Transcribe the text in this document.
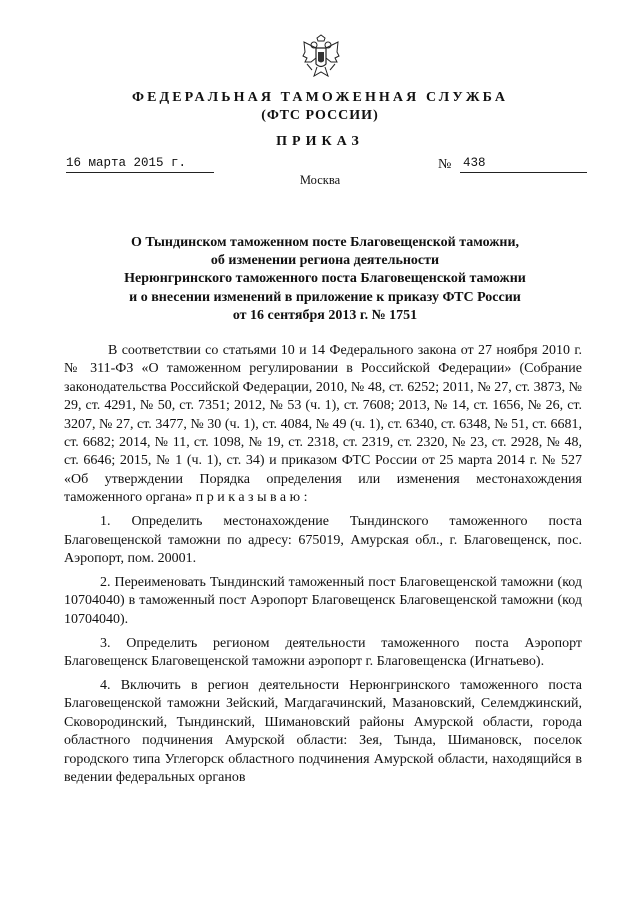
ФЕДЕРАЛЬНАЯ ТАМОЖЕННАЯ СЛУЖБА
(ФТС РОССИИ)
ПРИКАЗ
16 марта 2015 г.	№ 438
Москва
О Тындинском таможенном посте Благовещенской таможни,
об изменении региона деятельности
Нерюнгринского таможенного поста Благовещенской таможни
и о внесении изменений в приложение к приказу ФТС России
от 16 сентября 2013 г. № 1751

В соответствии со статьями 10 и 14 Федерального закона от 27 ноября 2010 г. № 311-ФЗ «О таможенном регулировании в Российской Федерации» (Собрание законодательства Российской Федерации, 2010, № 48, ст. 6252; 2011, № 27, ст. 3873, № 29, ст. 4291, № 50, ст. 7351; 2012, № 53 (ч. 1), ст. 7608; 2013, № 14, ст. 1656, № 26, ст. 3207, № 27, ст. 3477, № 30 (ч. 1), ст. 4084, № 49 (ч. 1), ст. 6340, ст. 6348, № 51, ст. 6681, ст. 6682; 2014, № 11, ст. 1098, № 19, ст. 2318, ст. 2319, ст. 2320, № 23, ст. 2928, № 48, ст. 6646; 2015, № 1 (ч. 1), ст. 34) и приказом ФТС России от 25 марта 2014 г. № 527 «Об утверждении Порядка определения или изменения местонахождения таможенного органа» приказываю:

1. Определить местонахождение Тындинского таможенного поста Благовещенской таможни по адресу: 675019, Амурская обл., г. Благовещенск, пос. Аэропорт, пом. 20001.

2. Переименовать Тындинский таможенный пост Благовещенской таможни (код 10704040) в таможенный пост Аэропорт Благовещенск Благовещенской таможни (код 10704040).

3. Определить регионом деятельности таможенного поста Аэропорт Благовещенск Благовещенской таможни аэропорт г. Благовещенска (Игнатьево).

4. Включить в регион деятельности Нерюнгринского таможенного поста Благовещенской таможни Зейский, Магдагачинский, Мазановский, Селемджинский, Сковородинский, Тындинский, Шимановский районы Амурской области, города областного подчинения Амурской области: Зея, Тында, Шимановск, поселок городского типа Углегорск областного подчинения Амурской области, находящийся в ведении федеральных органов
